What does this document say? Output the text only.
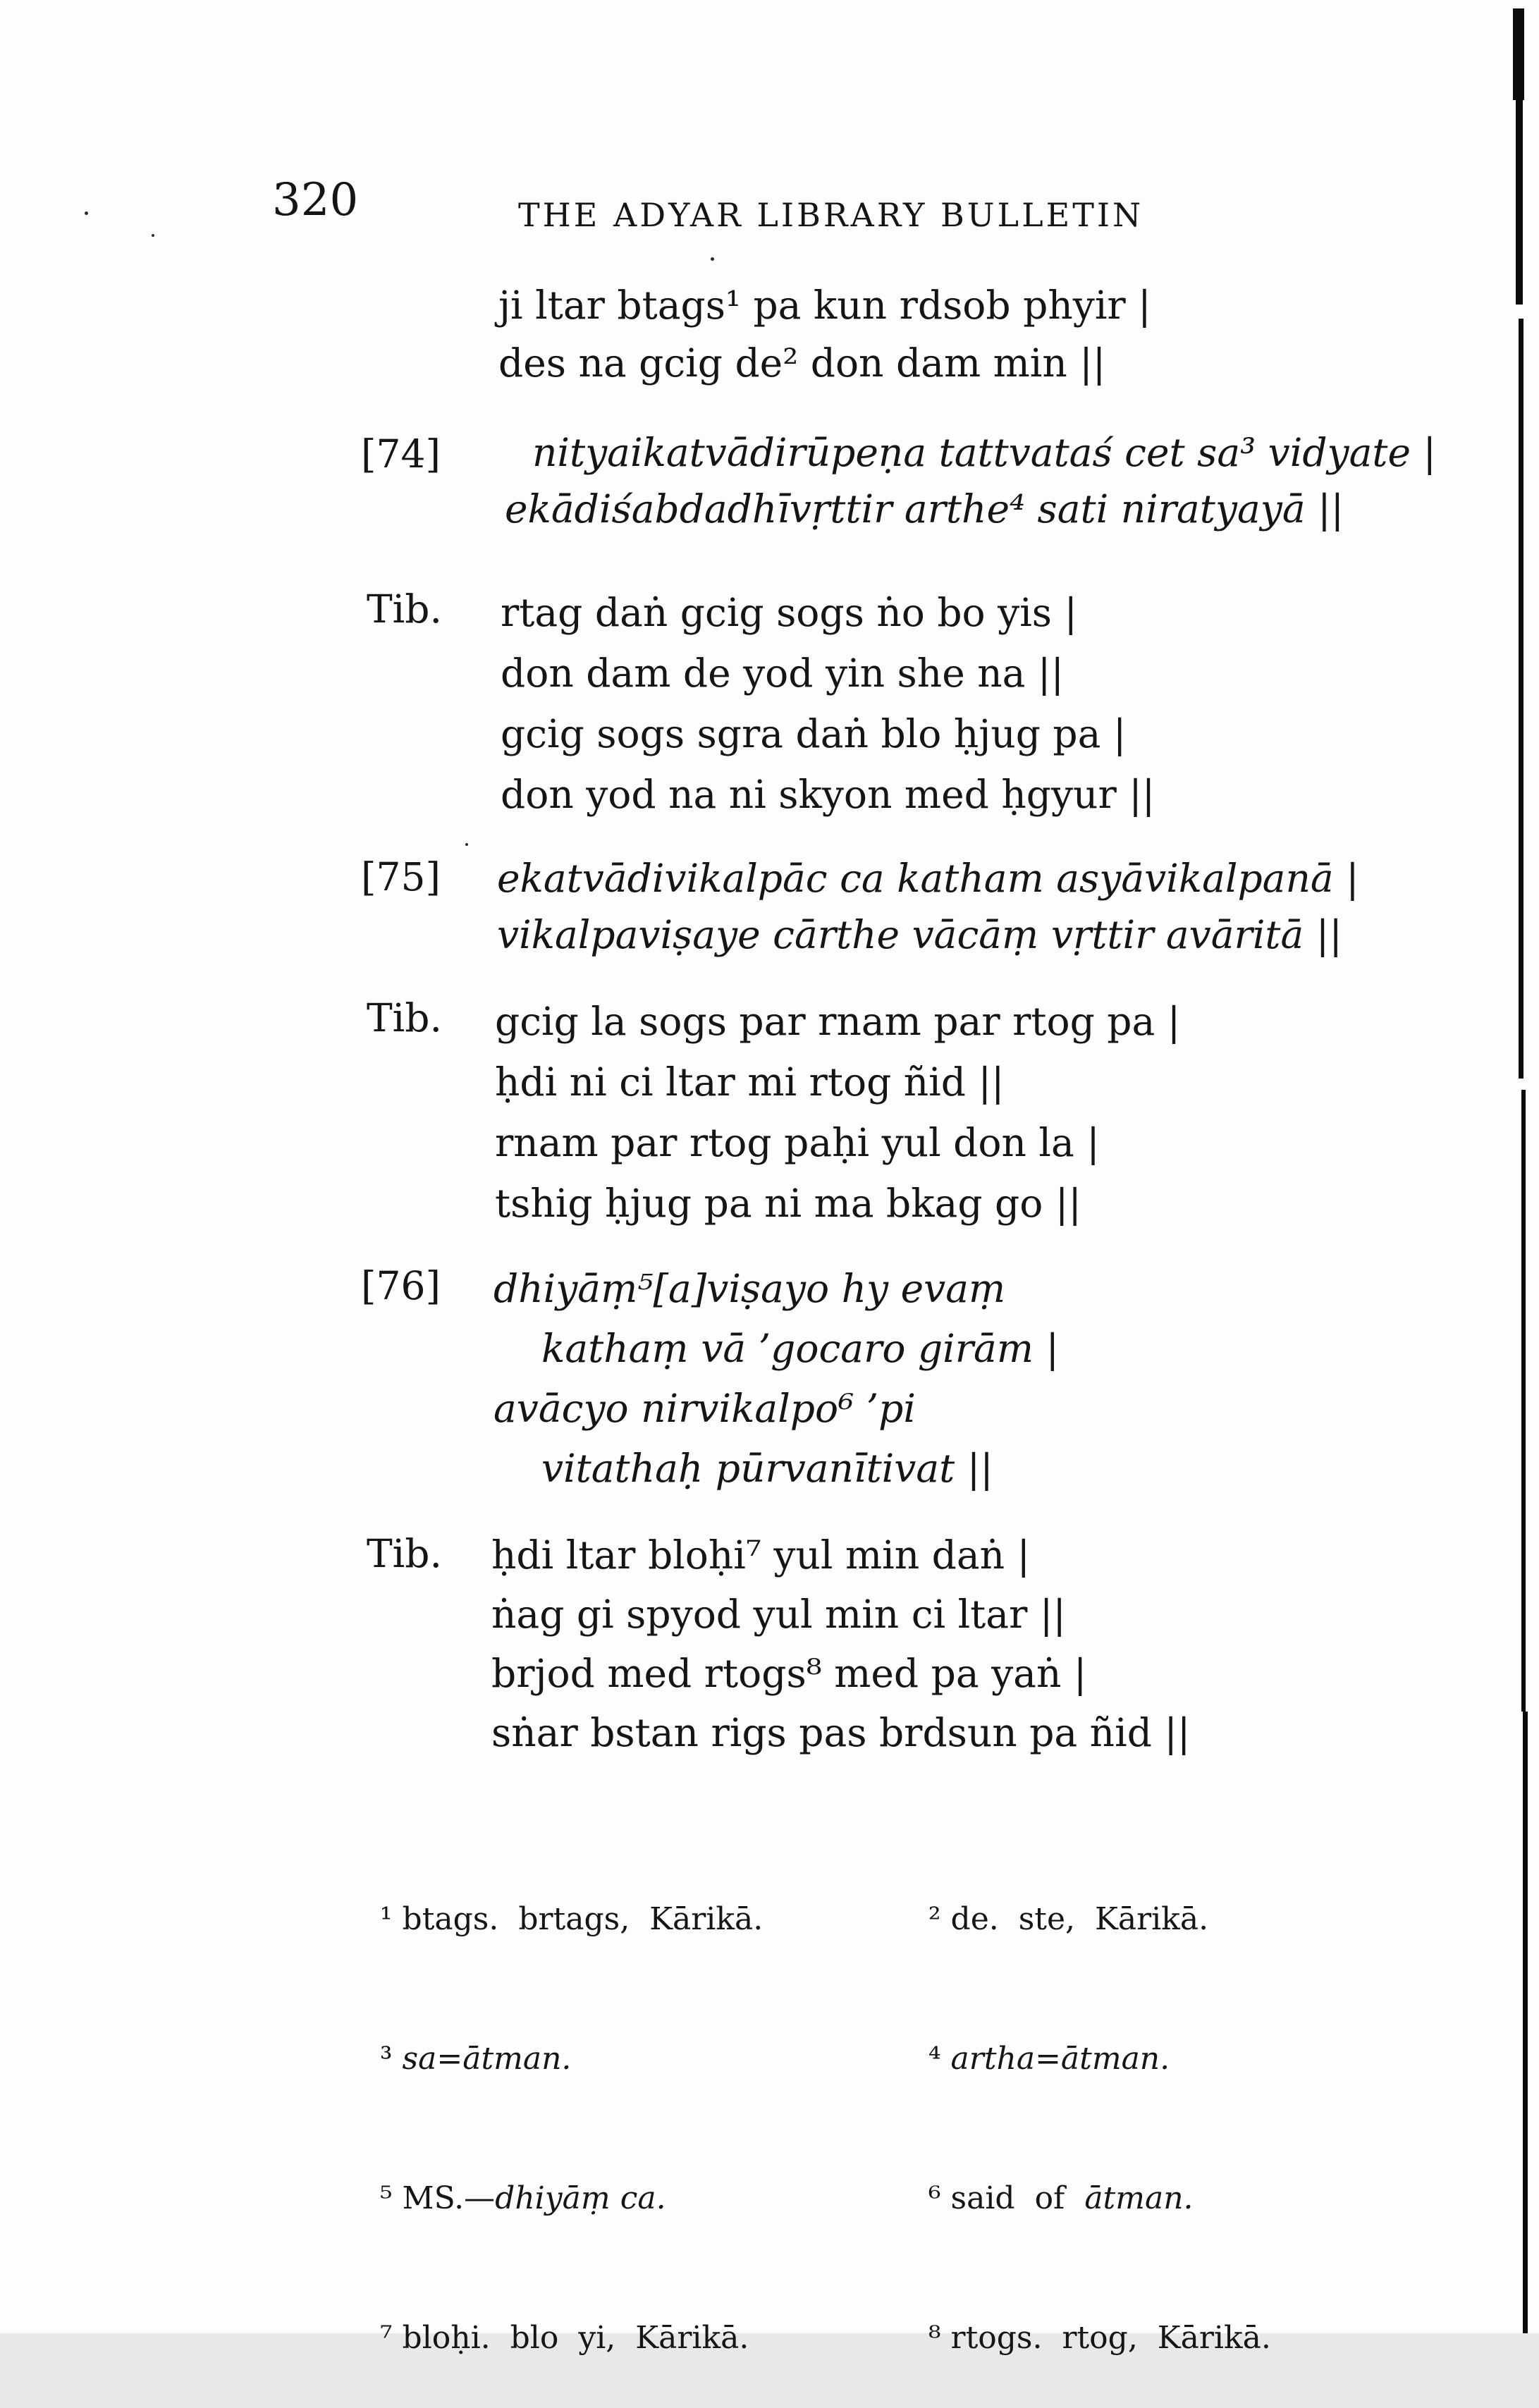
320	THE ADYAR LIBRARY BULLETIN
ji ltar btags¹ pa kun rdsob phyir |
des na gcig de² don dam min ||
[74]	nityaikatvādirūpeṇa tattvataś cet sa³ vidyate |
ekādiśabdadhīvṛttir arthe⁴ sati niratyayā ||
Tib. rtag daṅ gcig sogs ṅo bo yis |
don dam de yod yin she na ||
gcig sogs sgra daṅ blo ḥjug pa |
don yod na ni skyon med ḥgyur ||
[75] ekatvādivikalpāc ca katham asyāvikalpanā |
vikalpaviṣaye cārthe vācāṃ vṛttir avāritā ||
Tib. gcig la sogs par rnam par rtog pa |
ḥdi ni ci ltar mi rtog ñid ||
rnam par rtog paḥi yul don la |
tshig ḥjug pa ni ma bkag go ||
[76] dhiyāṃ⁵[a]viṣayo hy evaṃ
kathaṃ vā ’gocaro girām |
avācyo nirvikalpo⁶ ’pi
vitathaḥ pūrvanītivat ||
Tib. ḥdi ltar bloḥi⁷ yul min daṅ |
ṅag gi spyod yul min ci ltar ||
brjod med rtogs⁸ med pa yaṅ |
sṅar bstan rigs pas brdsun pa ñid ||

¹ btags.  brtags,  Kārikā.

³ sa=ātman.

⁵ MS.—dhiyāṃ ca.

⁷ bloḥi.  blo  yi,  Kārikā.

² de.  ste,  Kārikā.

⁴ artha=ātman.

⁶ said  of  ātman.

⁸ rtogs.  rtog,  Kārikā.
